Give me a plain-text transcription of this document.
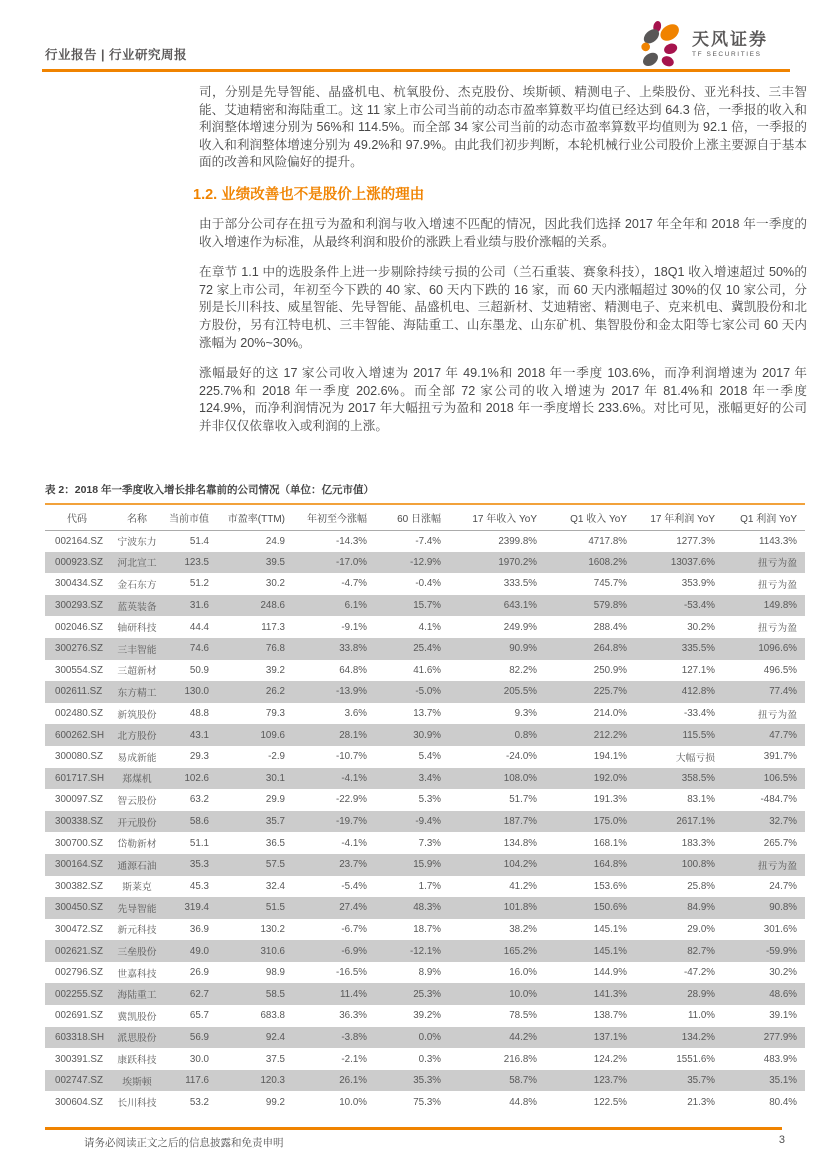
行业报告 | 行业研究周报
天风证券
TF SECURITIES
司，分别是先导智能、晶盛机电、杭氧股份、杰克股份、埃斯顿、精测电子、上柴股份、亚光科技、三丰智能、艾迪精密和海陆重工。这 11 家上市公司当前的动态市盈率算数平均值已经达到 64.3 倍，一季报的收入和利润整体增速分别为 56%和 114.5%。而全部 34 家公司当前的动态市盈率算数平均值则为 92.1 倍，一季报的收入和利润整体增速分别为 49.2%和 97.9%。由此我们初步判断，本轮机械行业公司股价上涨主要源自于基本面的改善和风险偏好的提升。
1.2. 业绩改善也不是股价上涨的理由
由于部分公司存在扭亏为盈和利润与收入增速不匹配的情况，因此我们选择 2017 年全年和 2018 年一季度的收入增速作为标准，从最终利润和股价的涨跌上看业绩与股价涨幅的关系。
在章节 1.1 中的选股条件上进一步剔除持续亏损的公司（兰石重装、赛象科技），18Q1 收入增速超过 50%的 72 家上市公司，年初至今下跌的 40 家、60 天内下跌的 16 家，而 60 天内涨幅超过 30%的仅 10 家公司，分别是长川科技、威星智能、先导智能、晶盛机电、三超新材、艾迪精密、精测电子、克来机电、冀凯股份和北方股份，另有江特电机、三丰智能、海陆重工、山东墨龙、山东矿机、集智股份和金太阳等七家公司 60 天内涨幅为 20%~30%。
涨幅最好的这 17 家公司收入增速为 2017 年 49.1%和 2018 年一季度 103.6%，而净利润增速为 2017 年 225.7%和 2018 年一季度 202.6%。而全部 72 家公司的收入增速为 2017 年 81.4%和 2018 年一季度 124.9%，而净利润情况为 2017 年大幅扭亏为盈和 2018 年一季度增长 233.6%。对比可见，涨幅更好的公司并非仅仅依靠收入或利润的上涨。
表 2：2018 年一季度收入增长排名靠前的公司情况（单位：亿元市值）
代码	名称	当前市值	市盈率(TTM)	年初至今涨幅	60 日涨幅	17 年收入 YoY	Q1 收入 YoY	17 年利润 YoY	Q1 利润 YoY
002164.SZ	宁波东力	51.4	24.9	-14.3%	-7.4%	2399.8%	4717.8%	1277.3%	1143.3%
000923.SZ	河北宣工	123.5	39.5	-17.0%	-12.9%	1970.2%	1608.2%	13037.6%	扭亏为盈
300434.SZ	金石东方	51.2	30.2	-4.7%	-0.4%	333.5%	745.7%	353.9%	扭亏为盈
300293.SZ	蓝英装备	31.6	248.6	6.1%	15.7%	643.1%	579.8%	-53.4%	149.8%
002046.SZ	轴研科技	44.4	117.3	-9.1%	4.1%	249.9%	288.4%	30.2%	扭亏为盈
300276.SZ	三丰智能	74.6	76.8	33.8%	25.4%	90.9%	264.8%	335.5%	1096.6%
300554.SZ	三超新材	50.9	39.2	64.8%	41.6%	82.2%	250.9%	127.1%	496.5%
002611.SZ	东方精工	130.0	26.2	-13.9%	-5.0%	205.5%	225.7%	412.8%	77.4%
002480.SZ	新筑股份	48.8	79.3	3.6%	13.7%	9.3%	214.0%	-33.4%	扭亏为盈
600262.SH	北方股份	43.1	109.6	28.1%	30.9%	0.8%	212.2%	115.5%	47.7%
300080.SZ	易成新能	29.3	-2.9	-10.7%	5.4%	-24.0%	194.1%	大幅亏损	391.7%
601717.SH	郑煤机	102.6	30.1	-4.1%	3.4%	108.0%	192.0%	358.5%	106.5%
300097.SZ	智云股份	63.2	29.9	-22.9%	5.3%	51.7%	191.3%	83.1%	-484.7%
300338.SZ	开元股份	58.6	35.7	-19.7%	-9.4%	187.7%	175.0%	2617.1%	32.7%
300700.SZ	岱勒新材	51.1	36.5	-4.1%	7.3%	134.8%	168.1%	183.3%	265.7%
300164.SZ	通源石油	35.3	57.5	23.7%	15.9%	104.2%	164.8%	100.8%	扭亏为盈
300382.SZ	斯莱克	45.3	32.4	-5.4%	1.7%	41.2%	153.6%	25.8%	24.7%
300450.SZ	先导智能	319.4	51.5	27.4%	48.3%	101.8%	150.6%	84.9%	90.8%
300472.SZ	新元科技	36.9	130.2	-6.7%	18.7%	38.2%	145.1%	29.0%	301.6%
002621.SZ	三垒股份	49.0	310.6	-6.9%	-12.1%	165.2%	145.1%	82.7%	-59.9%
002796.SZ	世嘉科技	26.9	98.9	-16.5%	8.9%	16.0%	144.9%	-47.2%	30.2%
002255.SZ	海陆重工	62.7	58.5	11.4%	25.3%	10.0%	141.3%	28.9%	48.6%
002691.SZ	冀凯股份	65.7	683.8	36.3%	39.2%	78.5%	138.7%	11.0%	39.1%
603318.SH	派思股份	56.9	92.4	-3.8%	0.0%	44.2%	137.1%	134.2%	277.9%
300391.SZ	康跃科技	30.0	37.5	-2.1%	0.3%	216.8%	124.2%	1551.6%	483.9%
002747.SZ	埃斯顿	117.6	120.3	26.1%	35.3%	58.7%	123.7%	35.7%	35.1%
300604.SZ	长川科技	53.2	99.2	10.0%	75.3%	44.8%	122.5%	21.3%	80.4%
请务必阅读正文之后的信息披露和免责申明	3
